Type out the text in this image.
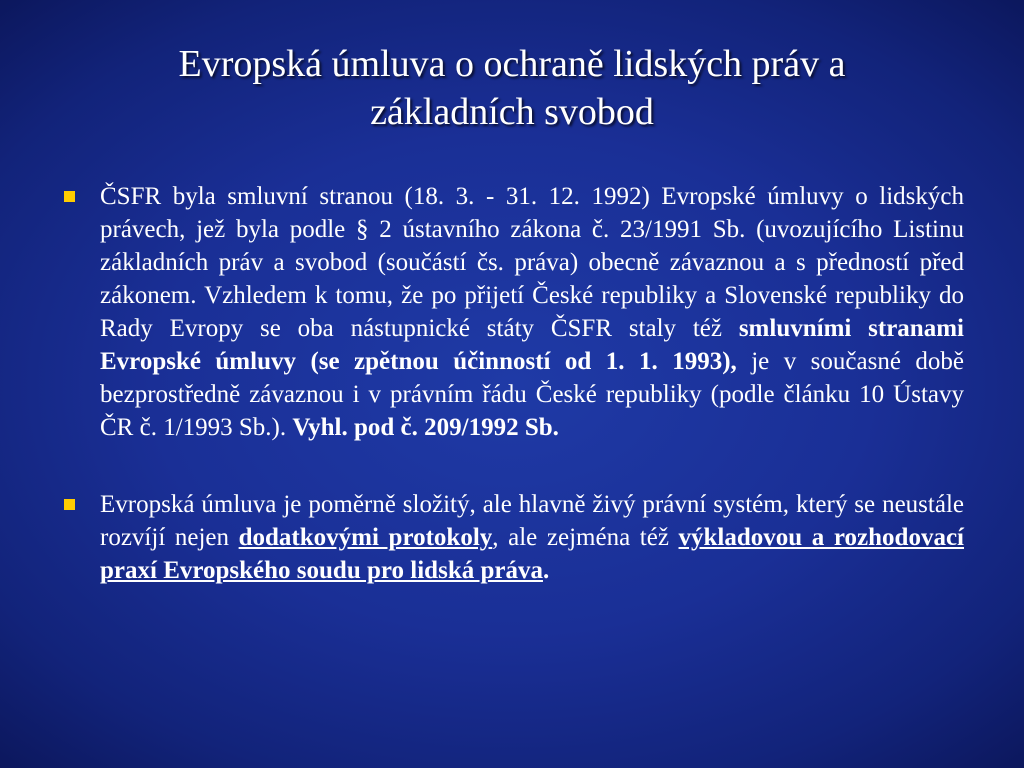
Evropská úmluva o ochraně lidských práv a
základních svobod
ČSFR byla smluvní stranou (18. 3. - 31. 12. 1992) Evropské úmluvy o lidských právech, jež byla podle § 2 ústavního zákona č. 23/1991 Sb. (uvozujícího Listinu základních práv a svobod (součástí čs. práva) obecně závaznou a s předností před zákonem. Vzhledem k tomu, že po přijetí České republiky a Slovenské republiky do Rady Evropy se oba nástupnické státy ČSFR staly též smluvními stranami Evropské úmluvy (se zpětnou účinností od 1. 1. 1993), je v současné době bezprostředně závaznou i v právním řádu České republiky (podle článku 10 Ústavy ČR č. 1/1993 Sb.). Vyhl. pod č. 209/1992 Sb.
Evropská úmluva je poměrně složitý, ale hlavně živý právní systém, který se neustále rozvíjí nejen dodatkovými protokoly, ale zejména též výkladovou a rozhodovací praxí Evropského soudu pro lidská práva.
